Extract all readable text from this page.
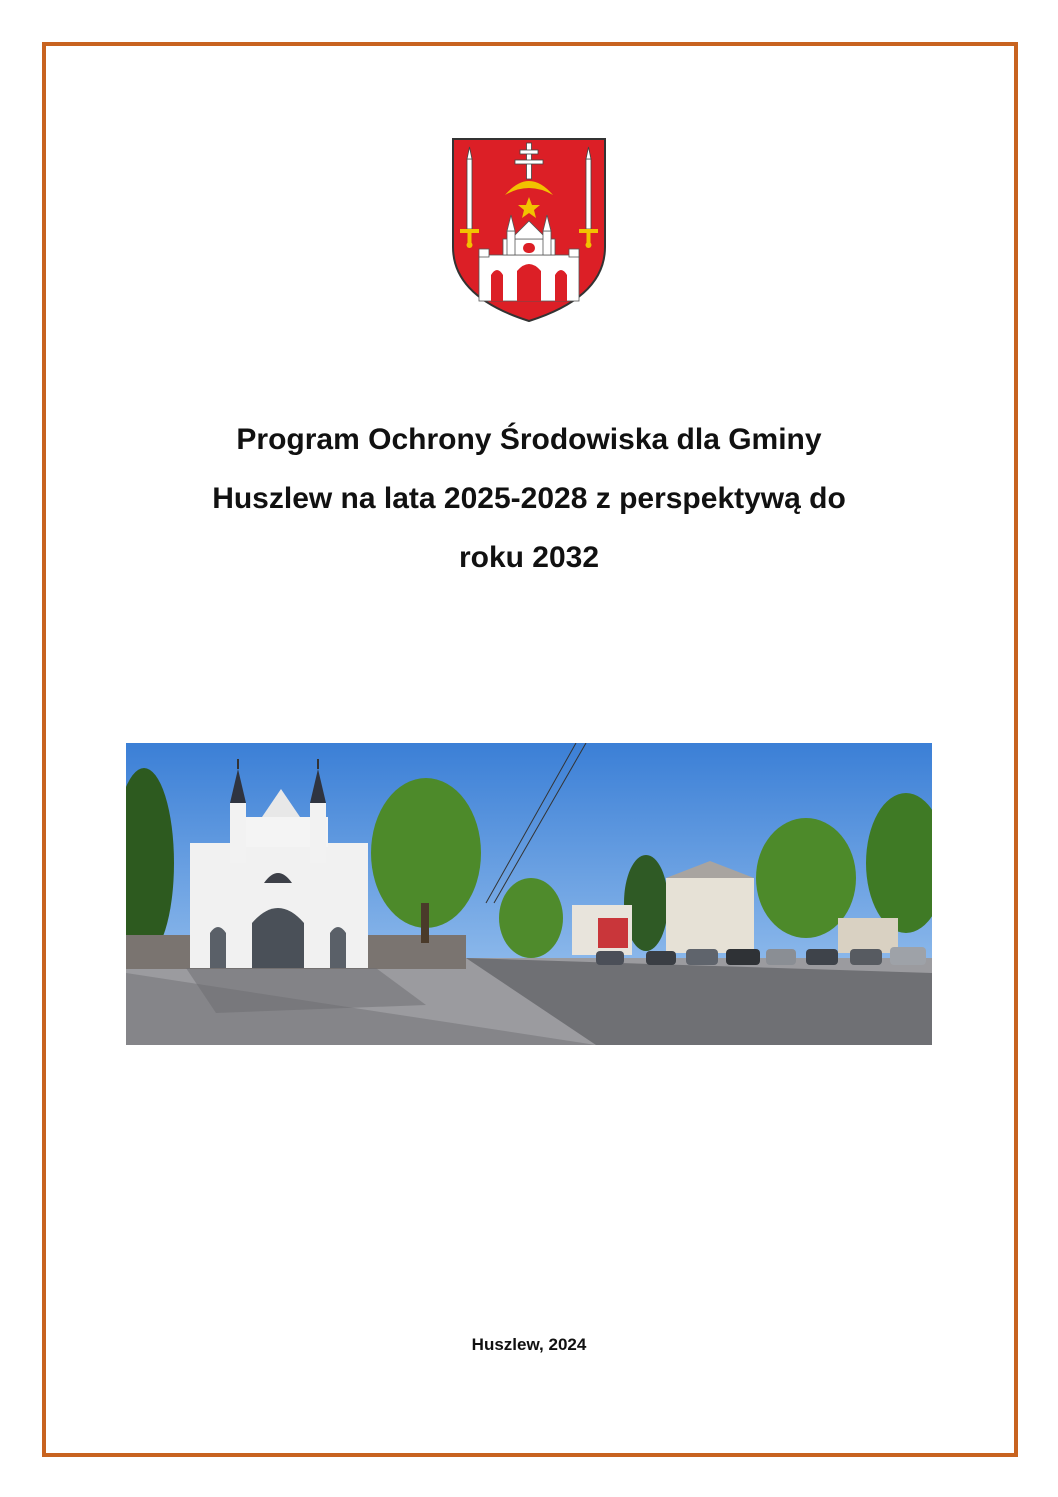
Program Ochrony Środowiska dla Gminy
Huszlew na lata 2025-2028 z perspektywą do
roku 2032
Huszlew, 2024
